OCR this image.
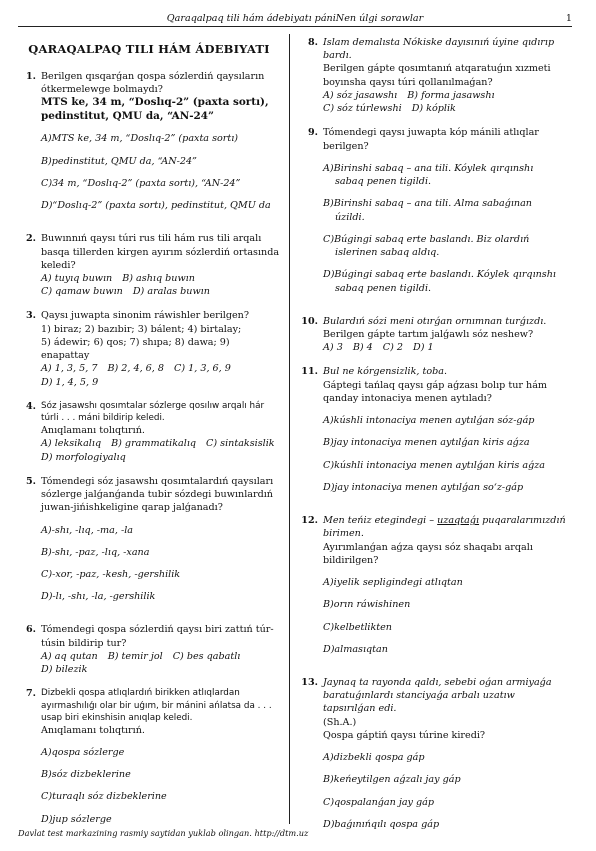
Qaraqalpaq tili hám ádebiyatı pániNen úlgi sorawlar	1
QARAQALPAQ TILI HÁM ÁDEBIYATI
1. Berilgen qısqarǵan qospa sózlerdiń qaysıların ótkermelewge bolmaydı?
MTS ke, 34 m, “Doslıq-2” (paxta sortı), pedinstitut, QMU da, “AN-24”
A)MTS ke, 34 m, “Doslıq-2” (paxta sortı)
B)pedinstitut, QMU da, “AN-24”
C)34 m, “Doslıq-2” (paxta sortı), “AN-24”
D)“Doslıq-2” (paxta sortı), pedinstitut, QMU da
2. Buwınnıń qaysı túri rus tili hám rus tili arqalı basqa tillerden kirgen ayırım sózlerdiń ortasında keledi?
A) tuyıq buwın B) ashıq buwın
C) qamaw buwın D) aralas buwın
3. Qaysı juwapta sinonim ráwishler berilgen?
1) biraz; 2) bazıbir; 3) bálent; 4) birtalay;
5) ádewir; 6) qos; 7) shıpa; 8) dawa; 9) enapattay
A) 1, 3, 5, 7 B) 2, 4, 6, 8 C) 1, 3, 6, 9
D) 1, 4, 5, 9
4. Sóz jasawshı qosımtalar sózlerge qosılıw arqalı hár túrli . . . máni bildirip keledi.
Anıqlamanı tolıqtırıń.
A) leksikalıq B) grammatikalıq C) sintaksislik
D) morfologiyalıq
5. Tómendegi sóz jasawshı qosımtalardıń qaysıları sózlerge jalǵanǵanda tubir sózdegi buwınlardıń juwan-jińishkeligine qarap jalǵanadı?
A)-shı, -lıq, -ma, -la
B)-shı, -paz, -lıq, -xana
C)-xor, -paz, -kesh, -gershilik
D)-lı, -shı, -la, -gershilik
6. Tómendegi qospa sózlerdiń qaysı biri zattıń túr-túsin bildirip tur?
A) aq qutan B) temir jol C) bes qabatlı
D) bilezik
7. Dizbekli qospa atlıqlardıń birikken atlıqlardan ayırmashılıǵı olar bir uǵım, bir mánini ańlatsa da . . . usap biri ekinshisin anıqlap keledi.
Anıqlamanı tolıqtırıń.
A)qospa sózlerge
B)sóz dizbeklerine
C)turaqlı sóz dizbeklerine
D)jup sózlerge
8. Islam demalısta Nókiske dayısınıń úyine qıdırıp bardı.
Berilgen gápte qosımtanıń atqaratuǵın xızmeti boyınsha qaysı túri qollanılmaǵan?
A) sóz jasawshı B) forma jasawshı
C) sóz túrlewshi D) kóplik
9. Tómendegi qaysı juwapta kóp mánili atlıqlar berilgen?
A)Birinshi sabaq – ana tili. Kóylek qırqınshı
sabaq penen tigildi.
B)Birinshi sabaq – ana tili. Alma sabaǵınan
úzildi.
C)Búgingi sabaq erte baslandı. Biz olardıń
islerinen sabaq aldıq.
D)Búgingi sabaq erte baslandı. Kóylek qırqınshı
sabaq penen tigildi.
10. Bulardıń sózi meni otırǵan ornımnan turǵızdı.
Berilgen gápte tartım jalǵawlı sóz neshew?
A) 3 B) 4 C) 2 D) 1
11. Bul ne kórgensizlik, toba.
Gáptegi tańlaq qaysı gáp aǵzası bolıp tur hám qanday intonaciya menen aytıladı?
A)kúshli intonaciya menen aytılǵan sóz-gáp
B)jay intonaciya menen aytılǵan kiris aǵza
C)kúshli intonaciya menen aytılǵan kiris aǵza
D)jay intonaciya menen aytılǵan so‘z-gáp
12. Men teńiz etegindegi – uzaqtaǵı puqaralarımızdıń birimen.
Ayırımlanǵan aǵza qaysı sóz shaqabı arqalı bildirilgen?
A)iyelik sepligindegi atlıqtan
B)orın ráwishinen
C)kelbetlikten
D)almasıqtan
13. Jaynaq ta rayonda qaldı, sebebi oǵan armiyaǵa baratuǵınlardı stanciyaǵa arbalı uzatıw tapsırılǵan edi.
(Sh.A.)
Qospa gáptiń qaysı túrine kiredi?
A)dizbekli qospa gáp
B)keńeytilgen aǵzalı jay gáp
C)qospalanǵan jay gáp
D)baǵınıńqılı qospa gáp
Davlat test markazining rasmiy saytidan yuklab olingan. http://dtm.uz
